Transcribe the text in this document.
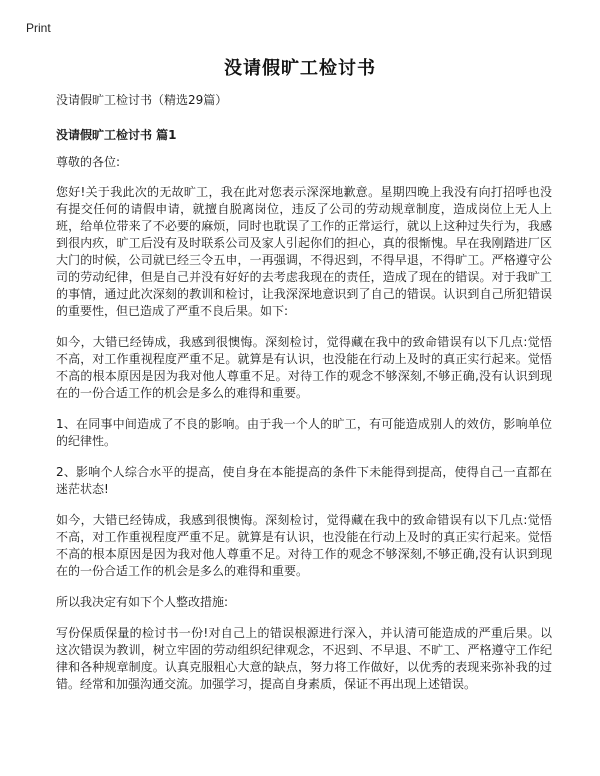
Print
没请假旷工检讨书

没请假旷工检讨书（精选29篇）

没请假旷工检讨书 篇1

尊敬的各位:

您好!关于我此次的无故旷工，我在此对您表示深深地歉意。星期四晚上我没有向打招呼也没有提交任何的请假申请，就擅自脱离岗位，违反了公司的劳动规章制度，造成岗位上无人上班，给单位带来了不必要的麻烦，同时也耽误了工作的正常运行，就以上这种过失行为，我感到很内疚，旷工后没有及时联系公司及家人引起你们的担心，真的很惭愧。早在我刚踏进厂区大门的时候，公司就已经三令五申，一再强调，不得迟到，不得早退，不得旷工。严格遵守公司的劳动纪律，但是自己并没有好好的去考虑我现在的责任，造成了现在的错误。对于我旷工的事情，通过此次深刻的教训和检讨，让我深深地意识到了自己的错误。认识到自己所犯错误的重要性，但已造成了严重不良后果。如下:

如今，大错已经铸成，我感到很懊悔。深刻检讨，觉得藏在我中的致命错误有以下几点:觉悟不高，对工作重视程度严重不足。就算是有认识，也没能在行动上及时的真正实行起来。觉悟不高的根本原因是因为我对他人尊重不足。对待工作的观念不够深刻,不够正确,没有认识到现在的一份合适工作的机会是多么的难得和重要。

1、在同事中间造成了不良的影响。由于我一个人的旷工，有可能造成别人的效仿，影响单位的纪律性。

2、影响个人综合水平的提高，使自身在本能提高的条件下未能得到提高，使得自己一直都在迷茫状态!

如今，大错已经铸成，我感到很懊悔。深刻检讨，觉得藏在我中的致命错误有以下几点:觉悟不高，对工作重视程度严重不足。就算是有认识，也没能在行动上及时的真正实行起来。觉悟不高的根本原因是因为我对他人尊重不足。对待工作的观念不够深刻,不够正确,没有认识到现在的一份合适工作的机会是多么的难得和重要。

所以我决定有如下个人整改措施:

写份保质保量的检讨书一份!对自己上的错误根源进行深入，并认清可能造成的严重后果。以这次错误为教训，树立牢固的劳动组织纪律观念，不迟到、不早退、不旷工、严格遵守工作纪律和各种规章制度。认真克服粗心大意的缺点，努力将工作做好，以优秀的表现来弥补我的过错。经常和加强沟通交流。加强学习，提高自身素质，保证不再出现上述错误。
